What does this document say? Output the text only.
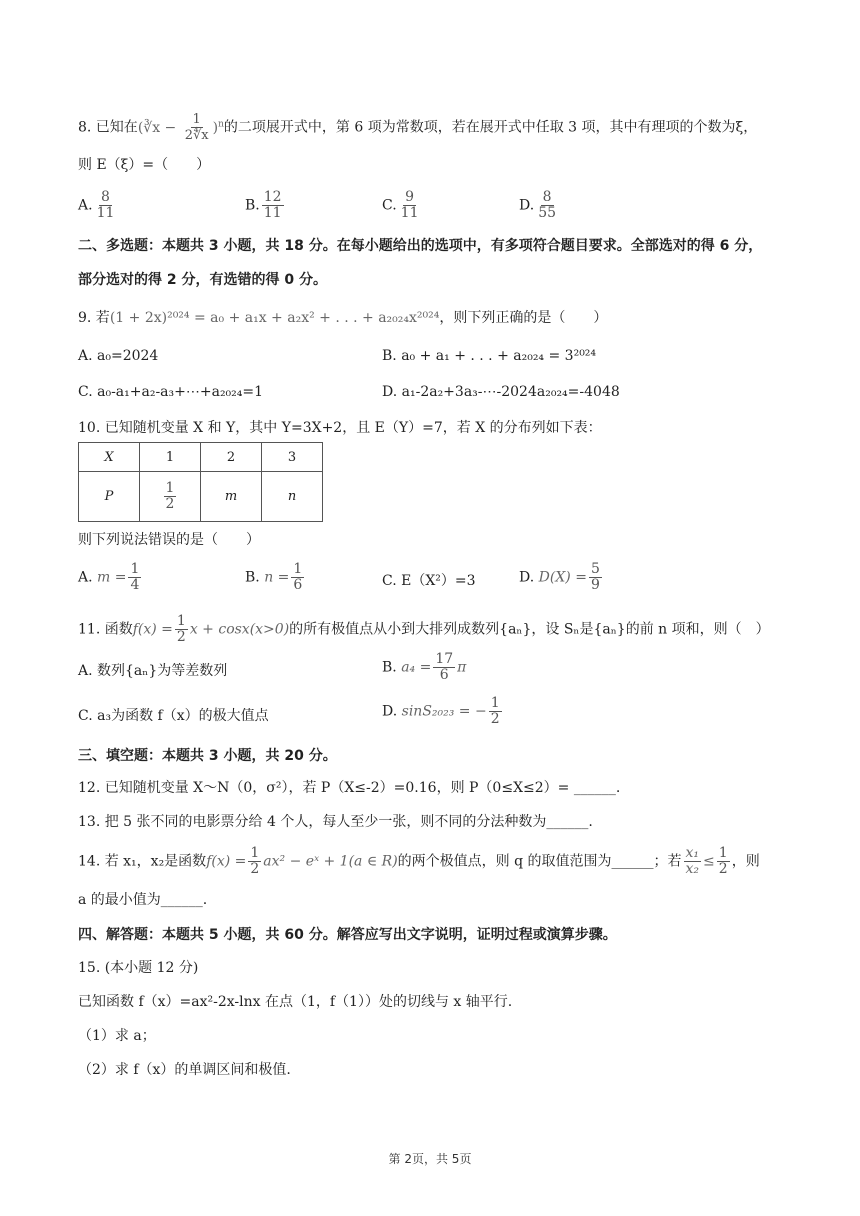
8. 已知在(∛x − $\frac{1}{2∜x} )^n$的二项展开式中，第 6 项为常数项，若在展开式中任取 3 项，其中有理项的个数为ξ，
则 E（ξ）=（　　）
A. $\frac{8}{11}$	B. $\frac{12}{11}$	C. $\frac{9}{11}$	D. $\frac{8}{55}$
二、多选题：本题共 3 小题，共 18 分。在每小题给出的选项中，有多项符合题目要求。全部选对的得 6 分，
部分选对的得 2 分，有选错的得 0 分。
9. 若(1 + 2x)²⁰²⁴ = a₀ + a₁x + a₂x² + . . . + a₂₀₂₄x²⁰²⁴，则下列正确的是（　　）
A. a₀=2024	B. a₀ + a₁ + . . . + a₂₀₂₄ = 3²⁰²⁴
C. a₀-a₁+a₂-a₃+⋯+a₂₀₂₄=1	D. a₁-2a₂+3a₃-⋯-2024a₂₀₂₄=-4048
10. 已知随机变量 X 和 Y，其中 Y=3X+2，且 E（Y）=7，若 X 的分布列如下表：
X	1	2	3
P	$\frac{1}{2}$	m	n
则下列说法错误的是（　　）
A. $m = \frac{1}{4}$	B. $n = \frac{1}{6}$	C. E（X²）=3	D. $D(X) = \frac{5}{9}$
11. 函数$f(x) = \frac{1}{2}$ x + cosx(x>0)的所有极值点从小到大排列成数列{aₙ}，设 Sₙ是{aₙ}的前 n 项和，则（　）
A. 数列{aₙ}为等差数列	B. $a_4 = \frac{17}{6}$ π
C. a₃为函数 f（x）的极大值点	D. sinS₂₀₂₃ = − $\frac{1}{2}$
三、填空题：本题共 3 小题，共 20 分。
12. 已知随机变量 X～N（0，σ²），若 P（X≤-2）=0.16，则 P（0≤X≤2）= ______.
13. 把 5 张不同的电影票分给 4 个人，每人至少一张，则不同的分法种数为______.
14. 若 x₁，x₂是函数$f(x) = \frac{1}{2} ax^2$ − eˣ + 1(a ∈ R)的两个极值点，则 q 的取值范围为______；若 $\frac{\text{x₁}}{\text{x₂}} \le \frac{1}{2}$ ，则
a 的最小值为______.
四、解答题：本题共 5 小题，共 60 分。解答应写出文字说明，证明过程或演算步骤。
15. (本小题 12 分)
已知函数 f（x）=ax²-2x-lnx 在点（1，f（1））处的切线与 x 轴平行.
（1）求 a；
（2）求 f（x）的单调区间和极值.
第 2页，共 5页
